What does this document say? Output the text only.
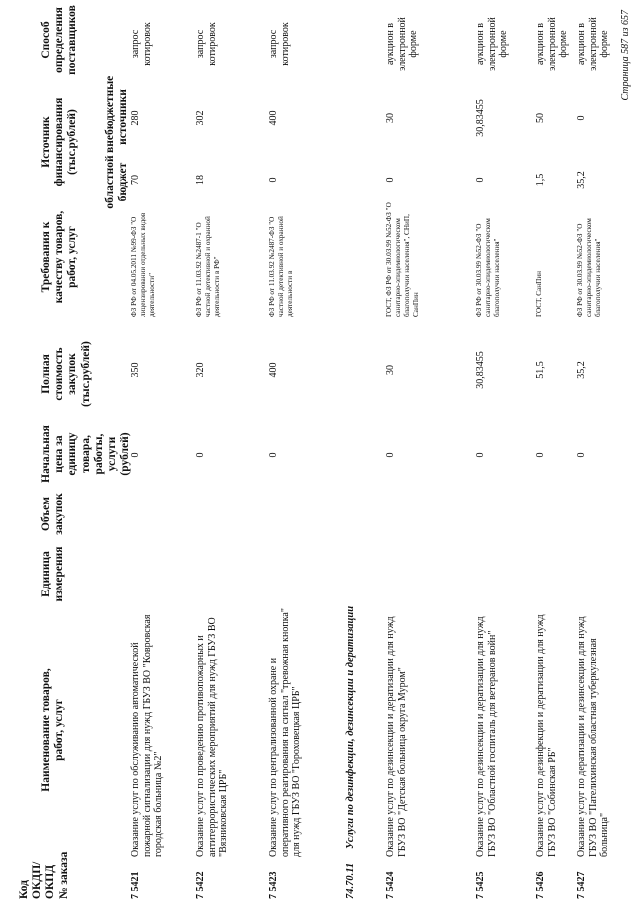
Код
ОКДП/
ОКПД
№ заказа
Наименование товаров,
работ, услуг
Единица
измерения
Объем
закупок
Начальная
цена за
единицу
товара,
работы,
услуги
(рублей)
Полная
стоимость
закупок
(тыс.рублей)
Требования к
качеству товаров,
работ, услуг
Источник
финансирования
(тыс.рублей)
областной
бюджет
внебюджетные
источники
Способ
определения
поставщиков
7 5421
Оказание услуг по обслуживанию автоматической пожарной сигнализации для нужд ГБУЗ ВО "Ковровская городская больница №2"
0
350
ФЗ РФ от 04.05.2011 №99-ФЗ "О лицензировании отдельных видов деятельности"
70
280
запрос
котировок
7 5422
Оказание услуг по проведению противопожарных и антитеррористических мероприятий для нужд ГБУЗ ВО "Вязниковская ЦРБ"
0
320
ФЗ РФ от 11.03.92 №2487-1 "О частной детективной и охранной деятельности в РФ"
18
302
запрос
котировок
7 5423
Оказание услуг по централизованной охране и оперативного реагирования на сигнал "тревожная кнопка" для нужд ГБУЗ ВО "Гороховецкая ЦРБ"
0
400
ФЗ РФ от 11.03.92 №2487-ФЗ "О частной детективной и охранной деятельности в
0
400
запрос
котировок
7 5424
Оказание услуг по дезинсекции и дератизации для нужд ГБУЗ ВО "Детская больница округа Муром"
0
30
ГОСТ, ФЗ РФ от 30.03.99 №52-ФЗ "О санитарно-эпидемиологическом благополучии населения", СНиП, СанПин
0
30
аукцион в
электронной
форме
7 5425
Оказание услуг по дезинсекции и дератизации для нужд ГБУЗ ВО "Областной госпиталь для ветеранов войн"
0
30,83455
ФЗ РФ от 30.03.99 №52-ФЗ "О санитарно-эпидемиологическом благополучии населения"
0
30,83455
аукцион в
электронной
форме
7 5426
Оказание услуг по дезинфекции и дератизации для нужд ГБУЗ ВО "Собинская РБ"
0
51,5
ГОСТ, СанПин
1,5
50
аукцион в
электронной
форме
7 5427
Оказание услуг по дератизации и дезинсекции для нужд ГБУЗ ВО "Пателихинская областная туберкулезная больница"
0
35,2
ФЗ РФ от 30.03.99 №52-ФЗ "О санитарно-эпидемиологическом благополучии населения"
35,2
0
аукцион в
электронной
форме
74.70.11
Услуги по дезинфекции, дезинсекции и дератизации
Страница 587 из 657
